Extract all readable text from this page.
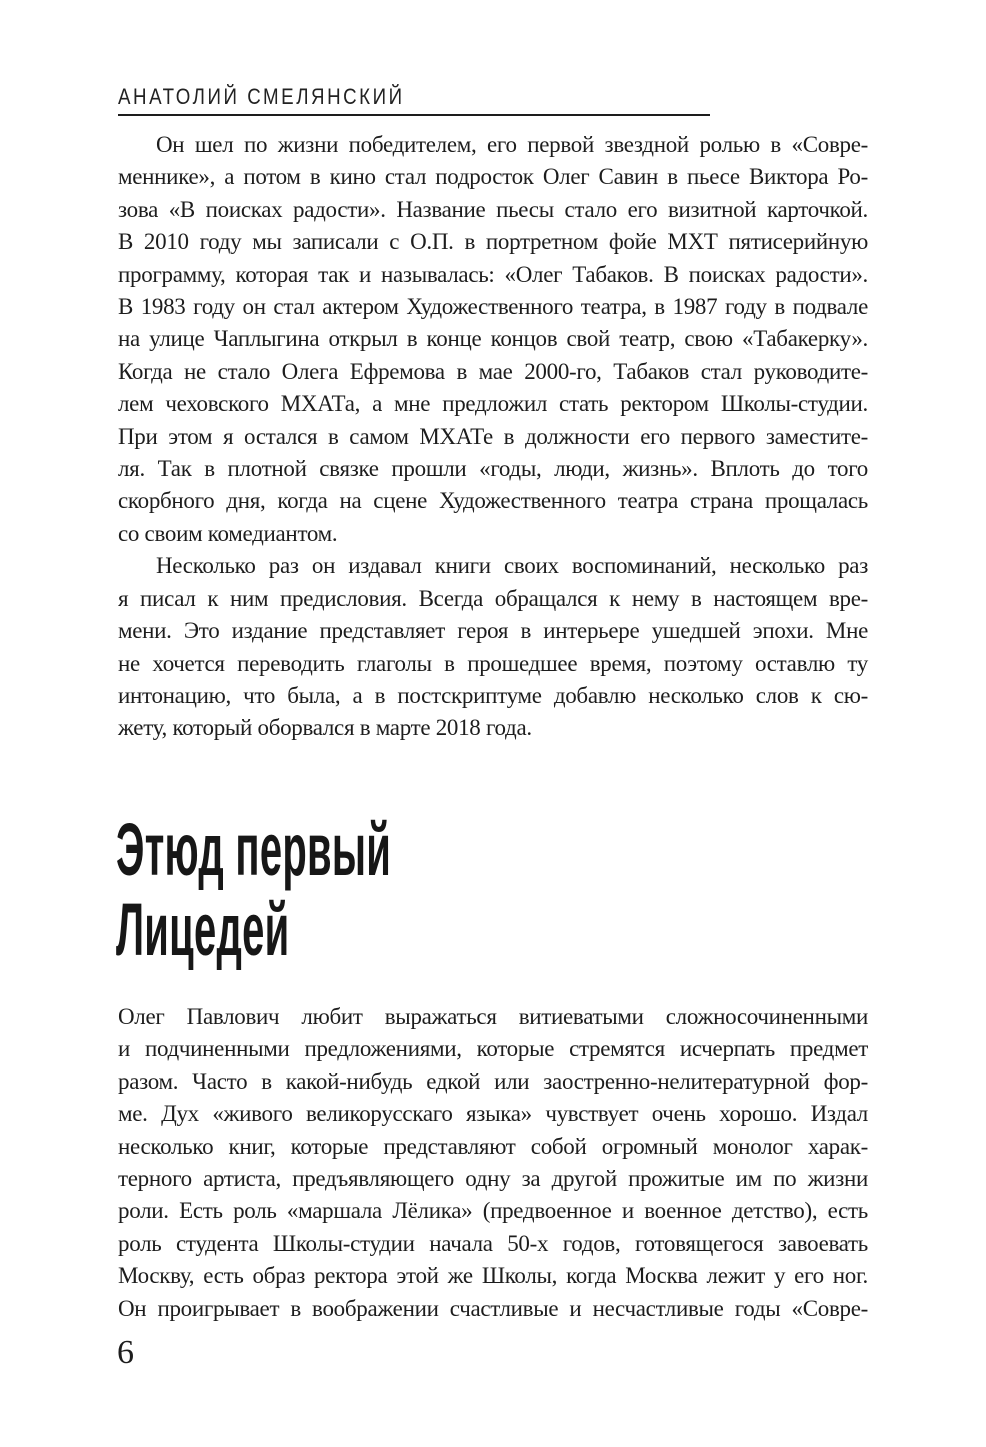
АНАТОЛИЙ СМЕЛЯНСКИЙ
Он шел по жизни победителем, его первой звездной ролью в «Совре-
меннике», а потом в кино стал подросток Олег Савин в пьесе Виктора Ро-
зова «В поисках радости». Название пьесы стало его визитной карточкой.
В 2010 году мы записали с О.П. в портретном фойе МХТ пятисерийную
программу, которая так и называлась: «Олег Табаков. В поисках радости».
В 1983 году он стал актером Художественного театра, в 1987 году в подвале
на улице Чаплыгина открыл в конце концов свой театр, свою «Табакерку».
Когда не стало Олега Ефремова в мае 2000-го, Табаков стал руководите-
лем чеховского МХАТа, а мне предложил стать ректором Школы-студии.
При этом я остался в самом МХАТе в должности его первого заместите-
ля. Так в плотной связке прошли «годы, люди, жизнь». Вплоть до того
скорбного дня, когда на сцене Художественного театра страна прощалась
со своим комедиантом.
Несколько раз он издавал книги своих воспоминаний, несколько раз
я писал к ним предисловия. Всегда обращался к нему в настоящем вре-
мени. Это издание представляет героя в интерьере ушедшей эпохи. Мне
не хочется переводить глаголы в прошедшее время, поэтому оставлю ту
интонацию, что была, а в постскриптуме добавлю несколько слов к сю-
жету, который оборвался в марте 2018 года.
Этюд первый
Лицедей
Олег Павлович любит выражаться витиеватыми сложносочиненными
и подчиненными предложениями, которые стремятся исчерпать предмет
разом. Часто в какой-нибудь едкой или заостренно-нелитературной фор-
ме. Дух «живого великорусскаго языка» чувствует очень хорошо. Издал
несколько книг, которые представляют собой огромный монолог харак-
терного артиста, предъявляющего одну за другой прожитые им по жизни
роли. Есть роль «маршала Лёлика» (предвоенное и военное детство), есть
роль студента Школы-студии начала 50-х годов, готовящегося завоевать
Москву, есть образ ректора этой же Школы, когда Москва лежит у его ног.
Он проигрывает в воображении счастливые и несчастливые годы «Совре-
6
